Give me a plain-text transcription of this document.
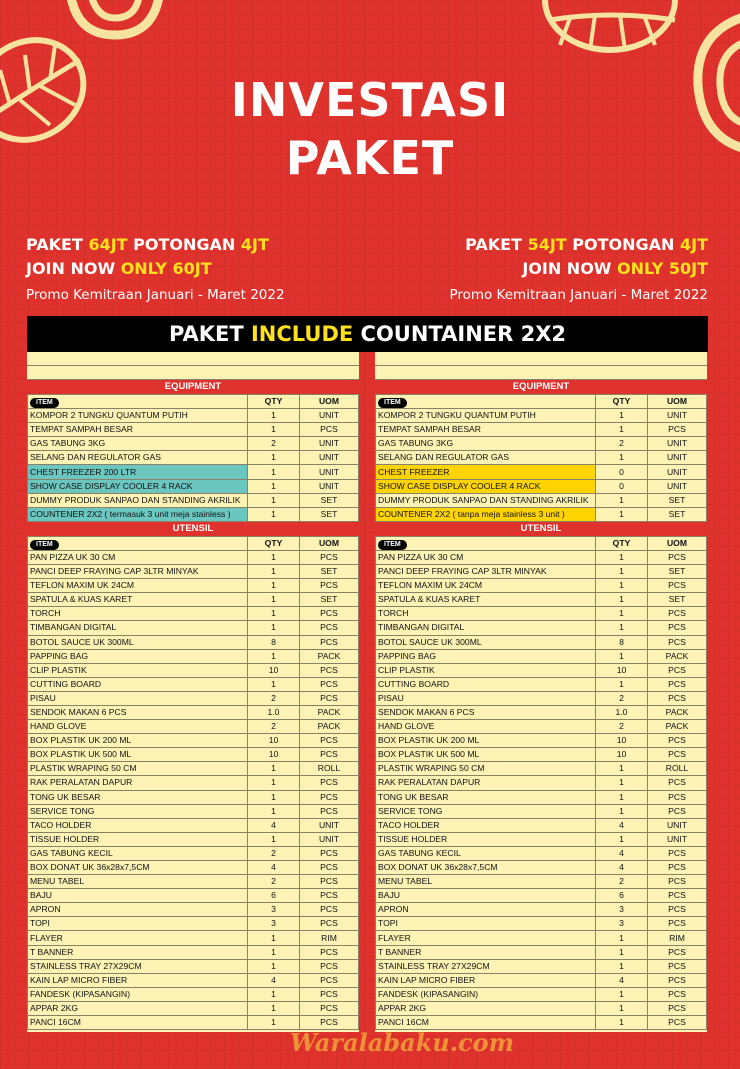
INVESTASI
PAKET
PAKET 64JT POTONGAN 4JT
JOIN NOW ONLY 60JT
Promo Kemitraan Januari - Maret 2022
PAKET 54JT POTONGAN 4JT
JOIN NOW ONLY 50JT
Promo Kemitraan Januari - Maret 2022
PAKET INCLUDE COUNTAINER 2X2
EQUIPMENT
ITEM	QTY	UOM
KOMPOR 2 TUNGKU QUANTUM PUTIH	1	UNIT
TEMPAT SAMPAH BESAR	1	PCS
GAS TABUNG 3KG	2	UNIT
SELANG DAN REGULATOR GAS	1	UNIT
CHEST FREEZER 200 LTR	1	UNIT
SHOW CASE DISPLAY COOLER 4 RACK	1	UNIT
DUMMY PRODUK SANPAO DAN STANDING AKRILIK	1	SET
COUNTENER 2X2 ( termasuk 3 unit meja stainless )	1	SET
UTENSIL
ITEM	QTY	UOM
PAN PIZZA UK 30 CM	1	PCS
PANCI DEEP FRAYING CAP 3LTR MINYAK	1	SET
TEFLON MAXIM UK 24CM	1	PCS
SPATULA & KUAS KARET	1	SET
TORCH	1	PCS
TIMBANGAN DIGITAL	1	PCS
BOTOL SAUCE UK 300ML	8	PCS
PAPPING BAG	1	PACK
CLIP PLASTIK	10	PCS
CUTTING BOARD	1	PCS
PISAU	2	PCS
SENDOK MAKAN 6 PCS	1.0	PACK
HAND GLOVE	2	PACK
BOX PLASTIK UK 200 ML	10	PCS
BOX PLASTIK UK 500 ML	10	PCS
PLASTIK WRAPING 50 CM	1	ROLL
RAK PERALATAN DAPUR	1	PCS
TONG UK BESAR	1	PCS
SERVICE TONG	1	PCS
TACO HOLDER	4	UNIT
TISSUE HOLDER	1	UNIT
GAS TABUNG KECIL	2	PCS
BOX DONAT UK 36x28x7,5CM	4	PCS
MENU TABEL	2	PCS
BAJU	6	PCS
APRON	3	PCS
TOPI	3	PCS
FLAYER	1	RIM
T BANNER	1	PCS
STAINLESS TRAY 27X29CM	1	PCS
KAIN LAP MICRO FIBER	4	PCS
FANDESK (KIPASANGIN)	1	PCS
APPAR 2KG	1	PCS
PANCI 16CM	1	PCS
EQUIPMENT
ITEM	QTY	UOM
KOMPOR 2 TUNGKU QUANTUM PUTIH	1	UNIT
TEMPAT SAMPAH BESAR	1	PCS
GAS TABUNG 3KG	2	UNIT
SELANG DAN REGULATOR GAS	1	UNIT
CHEST FREEZER	0	UNIT
SHOW CASE DISPLAY COOLER 4 RACK	0	UNIT
DUMMY PRODUK SANPAO DAN STANDING AKRILIK	1	SET
COUNTENER 2X2 ( tanpa meja stainless 3 unit )	1	SET
UTENSIL
ITEM	QTY	UOM
PAN PIZZA UK 30 CM	1	PCS
PANCI DEEP FRAYING CAP 3LTR MINYAK	1	SET
TEFLON MAXIM UK 24CM	1	PCS
SPATULA & KUAS KARET	1	SET
TORCH	1	PCS
TIMBANGAN DIGITAL	1	PCS
BOTOL SAUCE UK 300ML	8	PCS
PAPPING BAG	1	PACK
CLIP PLASTIK	10	PCS
CUTTING BOARD	1	PCS
PISAU	2	PCS
SENDOK MAKAN 6 PCS	1.0	PACK
HAND GLOVE	2	PACK
BOX PLASTIK UK 200 ML	10	PCS
BOX PLASTIK UK 500 ML	10	PCS
PLASTIK WRAPING 50 CM	1	ROLL
RAK PERALATAN DAPUR	1	PCS
TONG UK BESAR	1	PCS
SERVICE TONG	1	PCS
TACO HOLDER	4	UNIT
TISSUE HOLDER	1	UNIT
GAS TABUNG KECIL	4	PCS
BOX DONAT UK 36x28x7,5CM	4	PCS
MENU TABEL	2	PCS
BAJU	6	PCS
APRON	3	PCS
TOPI	3	PCS
FLAYER	1	RIM
T BANNER	1	PCS
STAINLESS TRAY 27X29CM	1	PCS
KAIN LAP MICRO FIBER	4	PCS
FANDESK (KIPASANGIN)	1	PCS
APPAR 2KG	1	PCS
PANCI 16CM	1	PCS
Waralabaku.com
